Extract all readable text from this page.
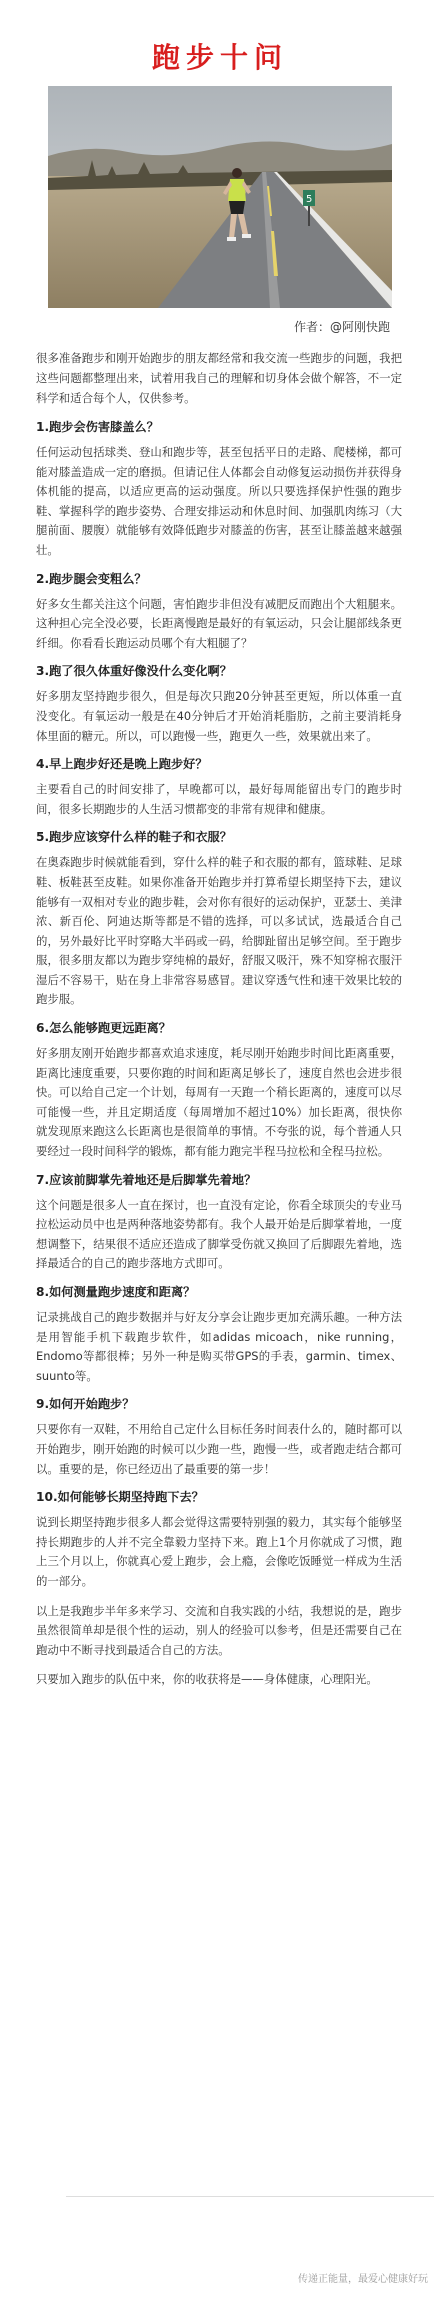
跑步十问
5
作者：@阿刚快跑

很多准备跑步和刚开始跑步的朋友都经常和我交流一些跑步的问题，我把这些问题都整理出来，试着用我自己的理解和切身体会做个解答，不一定科学和适合每个人，仅供参考。

1.跑步会伤害膝盖么？

任何运动包括球类、登山和跑步等，甚至包括平日的走路、爬楼梯，都可能对膝盖造成一定的磨损。但请记住人体都会自动修复运动损伤并获得身体机能的提高，以适应更高的运动强度。所以只要选择保护性强的跑步鞋、掌握科学的跑步姿势、合理安排运动和休息时间、加强肌肉练习（大腿前面、腰腹）就能够有效降低跑步对膝盖的伤害，甚至让膝盖越来越强壮。

2.跑步腿会变粗么？

好多女生都关注这个问题，害怕跑步非但没有减肥反而跑出个大粗腿来。这种担心完全没必要，长距离慢跑是最好的有氧运动，只会让腿部线条更纤细。你看看长跑运动员哪个有大粗腿了？

3.跑了很久体重好像没什么变化啊？

好多朋友坚持跑步很久，但是每次只跑20分钟甚至更短，所以体重一直没变化。有氧运动一般是在40分钟后才开始消耗脂肪，之前主要消耗身体里面的糖元。所以，可以跑慢一些，跑更久一些，效果就出来了。

4.早上跑步好还是晚上跑步好？

主要看自己的时间安排了，早晚都可以，最好每周能留出专门的跑步时间，很多长期跑步的人生活习惯都变的非常有规律和健康。

5.跑步应该穿什么样的鞋子和衣服？

在奥森跑步时候就能看到，穿什么样的鞋子和衣服的都有，篮球鞋、足球鞋、板鞋甚至皮鞋。如果你准备开始跑步并打算希望长期坚持下去，建议能够有一双相对专业的跑步鞋，会对你有很好的运动保护，亚瑟士、美津浓、新百伦、阿迪达斯等都是不错的选择，可以多试试，选最适合自己的，另外最好比平时穿略大半码或一码，给脚趾留出足够空间。至于跑步服，很多朋友都以为跑步穿纯棉的最好，舒服又吸汗，殊不知穿棉衣服汗湿后不容易干，贴在身上非常容易感冒。建议穿透气性和速干效果比较的跑步服。

6.怎么能够跑更远距离？

好多朋友刚开始跑步都喜欢追求速度，耗尽刚开始跑步时间比距离重要，距离比速度重要，只要你跑的时间和距离足够长了，速度自然也会进步很快。可以给自己定一个计划，每周有一天跑一个稍长距离的，速度可以尽可能慢一些，并且定期适度（每周增加不超过10%）加长距离，很快你就发现原来跑这么长距离也是很简单的事情。不夸张的说，每个普通人只要经过一段时间科学的锻炼，都有能力跑完半程马拉松和全程马拉松。

7.应该前脚掌先着地还是后脚掌先着地？

这个问题是很多人一直在探讨，也一直没有定论，你看全球顶尖的专业马拉松运动员中也是两种落地姿势都有。我个人最开始是后脚掌着地，一度想调整下，结果很不适应还造成了脚掌受伤就又换回了后脚跟先着地，选择最适合的自己的跑步落地方式即可。

8.如何测量跑步速度和距离？

记录挑战自己的跑步数据并与好友分享会让跑步更加充满乐趣。一种方法是用智能手机下载跑步软件，如adidas micoach，nike running，Endomo等都很棒；另外一种是购买带GPS的手表，garmin、timex、suunto等。

9.如何开始跑步？

只要你有一双鞋，不用给自己定什么目标任务时间表什么的，随时都可以开始跑步，刚开始跑的时候可以少跑一些，跑慢一些，或者跑走结合都可以。重要的是，你已经迈出了最重要的第一步！

10.如何能够长期坚持跑下去？

说到长期坚持跑步很多人都会觉得这需要特别强的毅力，其实每个能够坚持长期跑步的人并不完全靠毅力坚持下来。跑上1个月你就成了习惯，跑上三个月以上，你就真心爱上跑步，会上瘾，会像吃饭睡觉一样成为生活的一部分。

以上是我跑步半年多来学习、交流和自我实践的小结，我想说的是，跑步虽然很简单却是很个性的运动，别人的经验可以参考，但是还需要自己在跑动中不断寻找到最适合自己的方法。

只要加入跑步的队伍中来，你的收获将是——身体健康，心理阳光。

传递正能量，最爱心健康好玩
